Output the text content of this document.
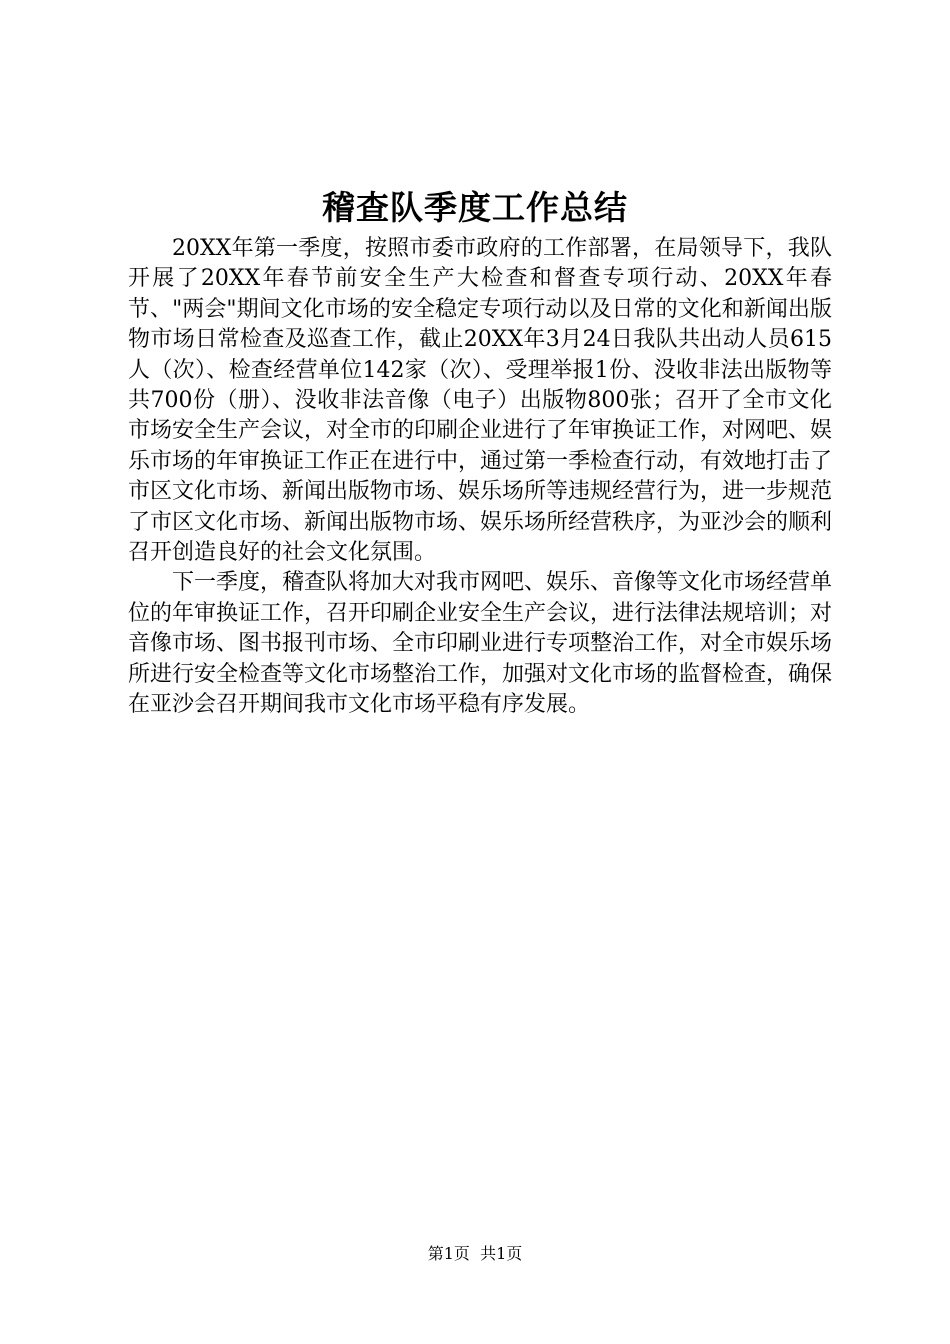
稽查队季度工作总结

20XX年第一季度，按照市委市政府的工作部署，在局领导下，我队开展了20XX年春节前安全生产大检查和督查专项行动、20XX年春节、"两会"期间文化市场的安全稳定专项行动以及日常的文化和新闻出版物市场日常检查及巡查工作，截止20XX年3月24日我队共出动人员615人（次）、检查经营单位142家（次）、受理举报1份、没收非法出版物等共700份（册）、没收非法音像（电子）出版物800张；召开了全市文化市场安全生产会议，对全市的印刷企业进行了年审换证工作，对网吧、娱乐市场的年审换证工作正在进行中，通过第一季检查行动，有效地打击了市区文化市场、新闻出版物市场、娱乐场所等违规经营行为，进一步规范了市区文化市场、新闻出版物市场、娱乐场所经营秩序，为亚沙会的顺利召开创造良好的社会文化氛围。

下一季度，稽查队将加大对我市网吧、娱乐、音像等文化市场经营单位的年审换证工作，召开印刷企业安全生产会议，进行法律法规培训；对音像市场、图书报刊市场、全市印刷业进行专项整治工作，对全市娱乐场所进行安全检查等文化市场整治工作，加强对文化市场的监督检查，确保在亚沙会召开期间我市文化市场平稳有序发展。

第1页 共1页
